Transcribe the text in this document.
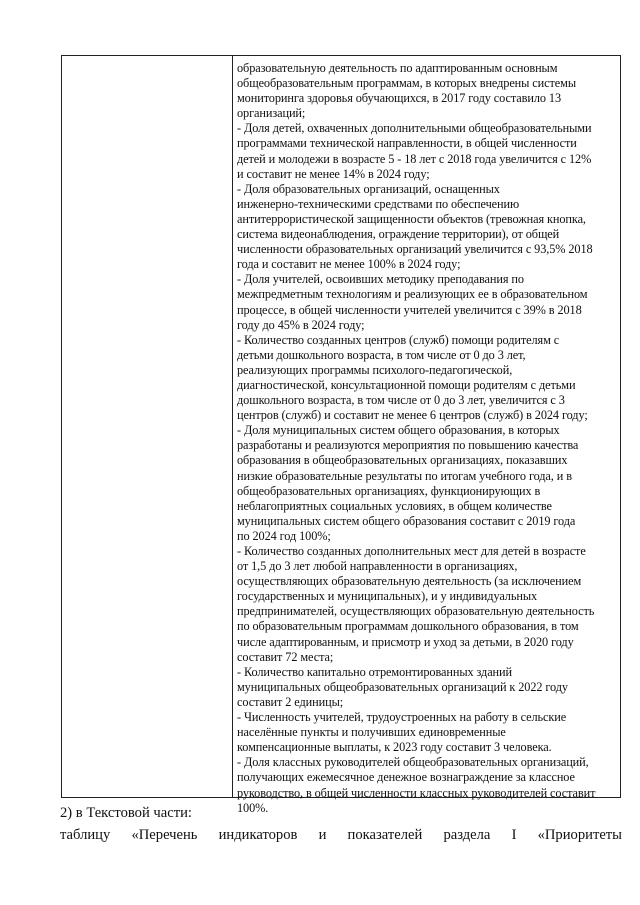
образовательную деятельность по адаптированным основным
общеобразовательным программам, в которых внедрены системы
мониторинга здоровья обучающихся, в 2017 году составило 13
организаций;
- Доля детей, охваченных дополнительными общеобразовательными
программами технической направленности, в общей численности
детей и молодежи в возрасте 5 - 18 лет с 2018 года увеличится с 12%
и составит не менее 14% в 2024 году;
- Доля образовательных организаций, оснащенных
инженерно-техническими средствами по обеспечению
антитеррористической защищенности объектов (тревожная кнопка,
система видеонаблюдения, ограждение территории), от общей
численности образовательных организаций увеличится с 93,5% 2018
года и составит не менее 100% в 2024 году;
- Доля учителей, освоивших методику преподавания по
межпредметным технологиям и реализующих ее в образовательном
процессе, в общей численности учителей увеличится с 39% в 2018
году до 45% в 2024 году;
- Количество созданных центров (служб) помощи родителям с
детьми дошкольного возраста, в том числе от 0 до 3 лет,
реализующих программы психолого-педагогической,
диагностической, консультационной помощи родителям с детьми
дошкольного возраста, в том числе от 0 до 3 лет, увеличится с 3
центров (служб) и составит не менее 6 центров (служб) в 2024 году;
- Доля муниципальных систем общего образования, в которых
разработаны и реализуются мероприятия по повышению качества
образования в общеобразовательных организациях, показавших
низкие образовательные результаты по итогам учебного года, и в
общеобразовательных организациях, функционирующих в
неблагоприятных социальных условиях, в общем количестве
муниципальных систем общего образования составит с 2019 года
по 2024 год 100%;
- Количество созданных дополнительных мест для детей в возрасте
от 1,5 до 3 лет любой направленности в организациях,
осуществляющих образовательную деятельность (за исключением
государственных и муниципальных), и у индивидуальных
предпринимателей, осуществляющих образовательную деятельность
по образовательным программам дошкольного образования, в том
числе адаптированным, и присмотр и уход за детьми, в 2020 году
составит 72 места;
- Количество капитально отремонтированных зданий
муниципальных общеобразовательных организаций к 2022 году
составит 2 единицы;
- Численность учителей, трудоустроенных на работу в сельские
населённые пункты и получивших единовременные
компенсационные выплаты, к 2023 году составит 3 человека.
- Доля классных руководителей общеобразовательных организаций,
получающих ежемесячное денежное вознаграждение за классное
руководство, в общей численности классных руководителей составит
100%.
2) в Текстовой части:
таблицу «Перечень индикаторов и показателей раздела I «Приоритеты
